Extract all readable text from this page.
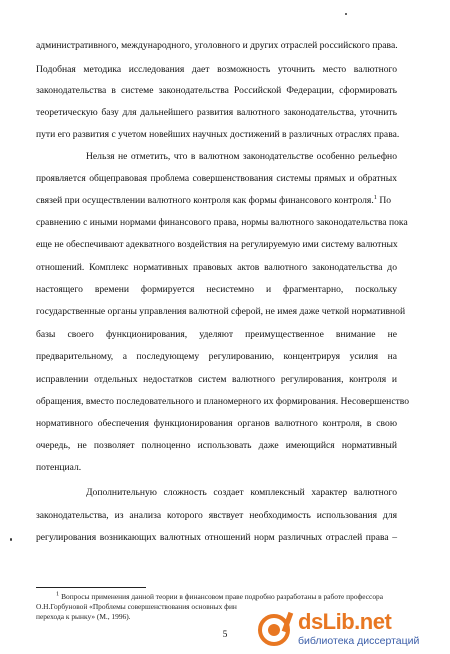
административного, международного, уголовного и других отраслей российского права.
Подобная методика исследования дает возможность уточнить место валютного
законодательства в системе законодательства Российской Федерации, сформировать
теоретическую базу для дальнейшего развития валютного законодательства, уточнить
пути его развития с учетом новейших научных достижений в различных отраслях права.
Нельзя не отметить, что в валютном законодательстве особенно рельефно
проявляется общеправовая проблема совершенствования системы прямых и обратных
связей при осуществлении валютного контроля как формы финансового контроля.$^1$ По
сравнению с иными нормами финансового права, нормы валютного законодательства пока
еще не обеспечивают адекватного воздействия на регулируемую ими систему валютных
отношений. Комплекс нормативных правовых актов валютного законодательства до
настоящего времени формируется несистемно и фрагментарно, поскольку
государственные органы управления валютной сферой, не имея даже четкой нормативной
базы своего функционирования, уделяют преимущественное внимание не
предварительному, а последующему регулированию, концентрируя усилия на
исправлении отдельных недостатков систем валютного регулирования, контроля и
обращения, вместо последовательного и планомерного их формирования. Несовершенство
нормативного обеспечения функционирования органов валютного контроля, в свою
очередь, не позволяет полноценно использовать даже имеющийся нормативный
потенциал.
Дополнительную сложность создает комплексный характер валютного
законодательства, из анализа которого явствует необходимость использования для
регулирования возникающих валютных отношений норм различных отраслей права –
1 Вопросы применения данной теории в финансовом праве подробно разработаны в работе профессора
О.Н.Горбуновой «Проблемы совершенствования основных фин
перехода к рынку» (М., 1996).
5
dsLib.net
библиотека диссертаций
